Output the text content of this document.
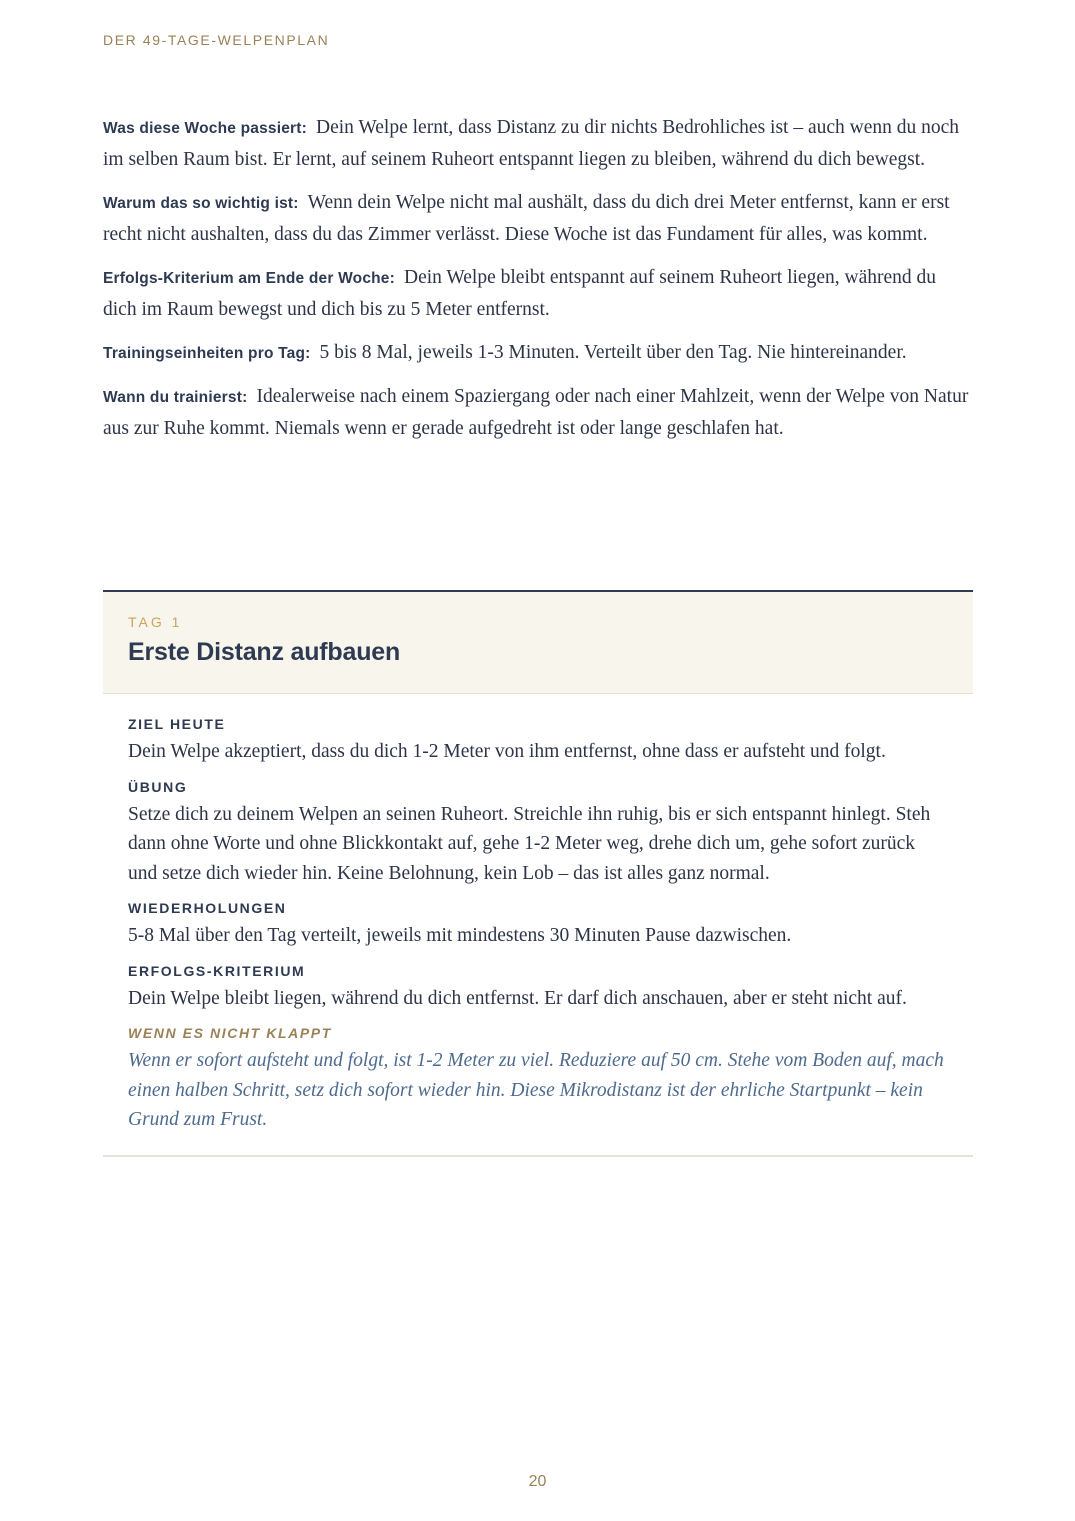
DER 49-TAGE-WELPENPLAN

Was diese Woche passiert: Dein Welpe lernt, dass Distanz zu dir nichts Bedrohliches ist – auch wenn du noch im selben Raum bist. Er lernt, auf seinem Ruheort entspannt liegen zu bleiben, während du dich bewegst.

Warum das so wichtig ist: Wenn dein Welpe nicht mal aushält, dass du dich drei Meter entfernst, kann er erst recht nicht aushalten, dass du das Zimmer verlässt. Diese Woche ist das Fundament für alles, was kommt.

Erfolgs-Kriterium am Ende der Woche: Dein Welpe bleibt entspannt auf seinem Ruheort liegen, während du dich im Raum bewegst und dich bis zu 5 Meter entfernst.

Trainingseinheiten pro Tag: 5 bis 8 Mal, jeweils 1-3 Minuten. Verteilt über den Tag. Nie hintereinander.

Wann du trainierst: Idealerweise nach einem Spaziergang oder nach einer Mahlzeit, wenn der Welpe von Natur aus zur Ruhe kommt. Niemals wenn er gerade aufgedreht ist oder lange geschlafen hat.

TAG 1
Erste Distanz aufbauen
ZIEL HEUTE

Dein Welpe akzeptiert, dass du dich 1-2 Meter von ihm entfernst, ohne dass er aufsteht und folgt.

ÜBUNG

Setze dich zu deinem Welpen an seinen Ruheort. Streichle ihn ruhig, bis er sich entspannt hinlegt. Steh dann ohne Worte und ohne Blickkontakt auf, gehe 1-2 Meter weg, drehe dich um, gehe sofort zurück und setze dich wieder hin. Keine Belohnung, kein Lob – das ist alles ganz normal.

WIEDERHOLUNGEN

5-8 Mal über den Tag verteilt, jeweils mit mindestens 30 Minuten Pause dazwischen.

ERFOLGS-KRITERIUM

Dein Welpe bleibt liegen, während du dich entfernst. Er darf dich anschauen, aber er steht nicht auf.

WENN ES NICHT KLAPPT

Wenn er sofort aufsteht und folgt, ist 1-2 Meter zu viel. Reduziere auf 50 cm. Stehe vom Boden auf, mach einen halben Schritt, setz dich sofort wieder hin. Diese Mikrodistanz ist der ehrliche Startpunkt – kein Grund zum Frust.

20
